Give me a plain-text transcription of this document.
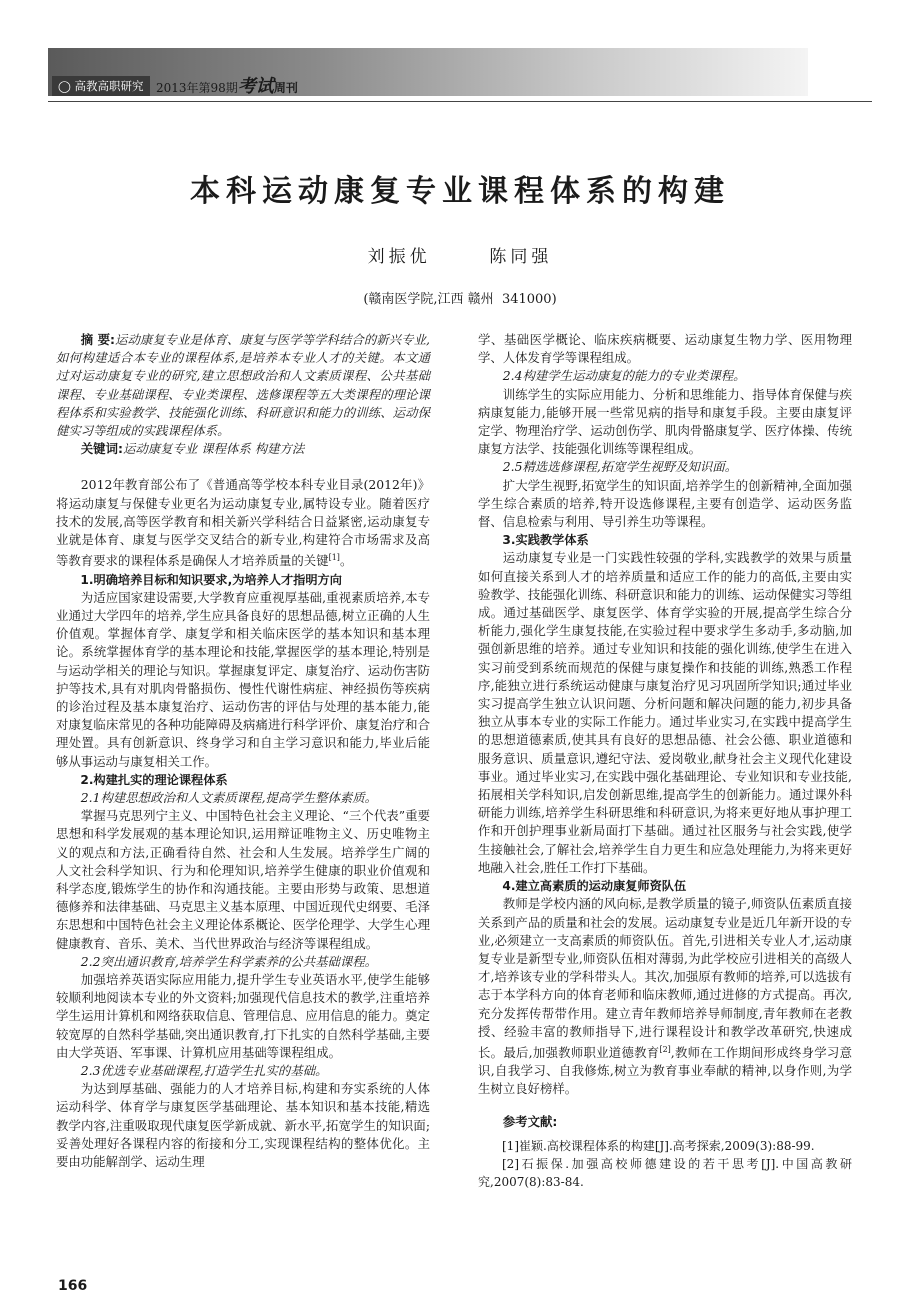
◯ 高教高职研究	2013年第98期考试周刊
本科运动康复专业课程体系的构建
刘振优  陈同强
(赣南医学院,江西 赣州  341000)

摘 要:运动康复专业是体育、康复与医学等学科结合的新兴专业,如何构建适合本专业的课程体系,是培养本专业人才的关键。本文通过对运动康复专业的研究,建立思想政治和人文素质课程、公共基础课程、专业基础课程、专业类课程、选修课程等五大类课程的理论课程体系和实验教学、技能强化训练、科研意识和能力的训练、运动保健实习等组成的实践课程体系。

关键词:运动康复专业 课程体系 构建方法

2012年教育部公布了《普通高等学校本科专业目录(2012年)》将运动康复与保健专业更名为运动康复专业,属特设专业。随着医疗技术的发展,高等医学教育和相关新兴学科结合日益紧密,运动康复专业就是体育、康复与医学交叉结合的新专业,构建符合市场需求及高等教育要求的课程体系是确保人才培养质量的关键[1]。

1.明确培养目标和知识要求,为培养人才指明方向

为适应国家建设需要,大学教育应重视厚基础,重视素质培养,本专业通过大学四年的培养,学生应具备良好的思想品德,树立正确的人生价值观。掌握体育学、康复学和相关临床医学的基本知识和基本理论。系统掌握体育学的基本理论和技能,掌握医学的基本理论,特别是与运动学相关的理论与知识。掌握康复评定、康复治疗、运动伤害防护等技术,具有对肌肉骨骼损伤、慢性代谢性病症、神经损伤等疾病的诊治过程及基本康复治疗、运动伤害的评估与处理的基本能力,能对康复临床常见的各种功能障碍及病痛进行科学评价、康复治疗和合理处置。具有创新意识、终身学习和自主学习意识和能力,毕业后能够从事运动与康复相关工作。

2.构建扎实的理论课程体系

2.1构建思想政治和人文素质课程,提高学生整体素质。

掌握马克思列宁主义、中国特色社会主义理论、“三个代表”重要思想和科学发展观的基本理论知识,运用辩证唯物主义、历史唯物主义的观点和方法,正确看待自然、社会和人生发展。培养学生广阔的人文社会科学知识、行为和伦理知识,培养学生健康的职业价值观和科学态度,锻炼学生的协作和沟通技能。主要由形势与政策、思想道德修养和法律基础、马克思主义基本原理、中国近现代史纲要、毛泽东思想和中国特色社会主义理论体系概论、医学伦理学、大学生心理健康教育、音乐、美术、当代世界政治与经济等课程组成。

2.2突出通识教育,培养学生科学素养的公共基础课程。

加强培养英语实际应用能力,提升学生专业英语水平,使学生能够较顺利地阅读本专业的外文资料;加强现代信息技术的教学,注重培养学生运用计算机和网络获取信息、管理信息、应用信息的能力。奠定较宽厚的自然科学基础,突出通识教育,打下扎实的自然科学基础,主要由大学英语、军事课、计算机应用基础等课程组成。

2.3优选专业基础课程,打造学生扎实的基础。

为达到厚基础、强能力的人才培养目标,构建和夯实系统的人体运动科学、体育学与康复医学基础理论、基本知识和基本技能,精选教学内容,注重吸取现代康复医学新成就、新水平,拓宽学生的知识面;妥善处理好各课程内容的衔接和分工,实现课程结构的整体优化。主要由功能解剖学、运动生理

学、基础医学概论、临床疾病概要、运动康复生物力学、医用物理学、人体发育学等课程组成。

2.4构建学生运动康复的能力的专业类课程。

训练学生的实际应用能力、分析和思维能力、指导体育保健与疾病康复能力,能够开展一些常见病的指导和康复手段。主要由康复评定学、物理治疗学、运动创伤学、肌肉骨骼康复学、医疗体操、传统康复方法学、技能强化训练等课程组成。

2.5精选选修课程,拓宽学生视野及知识面。

扩大学生视野,拓宽学生的知识面,培养学生的创新精神,全面加强学生综合素质的培养,特开设选修课程,主要有创造学、运动医务监督、信息检索与利用、导引养生功等课程。

3.实践教学体系

运动康复专业是一门实践性较强的学科,实践教学的效果与质量如何直接关系到人才的培养质量和适应工作的能力的高低,主要由实验教学、技能强化训练、科研意识和能力的训练、运动保健实习等组成。通过基础医学、康复医学、体育学实验的开展,提高学生综合分析能力,强化学生康复技能,在实验过程中要求学生多动手,多动脑,加强创新思维的培养。通过专业知识和技能的强化训练,使学生在进入实习前受到系统而规范的保健与康复操作和技能的训练,熟悉工作程序,能独立进行系统运动健康与康复治疗见习巩固所学知识;通过毕业实习提高学生独立认识问题、分析问题和解决问题的能力,初步具备独立从事本专业的实际工作能力。通过毕业实习,在实践中提高学生的思想道德素质,使其具有良好的思想品德、社会公德、职业道德和服务意识、质量意识,遵纪守法、爱岗敬业,献身社会主义现代化建设事业。通过毕业实习,在实践中强化基础理论、专业知识和专业技能,拓展相关学科知识,启发创新思维,提高学生的创新能力。通过课外科研能力训练,培养学生科研思维和科研意识,为将来更好地从事护理工作和开创护理事业新局面打下基础。通过社区服务与社会实践,使学生接触社会,了解社会,培养学生自力更生和应急处理能力,为将来更好地融入社会,胜任工作打下基础。

4.建立高素质的运动康复师资队伍

教师是学校内涵的风向标,是教学质量的镜子,师资队伍素质直接关系到产品的质量和社会的发展。运动康复专业是近几年新开设的专业,必须建立一支高素质的师资队伍。首先,引进相关专业人才,运动康复专业是新型专业,师资队伍相对薄弱,为此学校应引进相关的高级人才,培养该专业的学科带头人。其次,加强原有教师的培养,可以选拔有志于本学科方向的体育老师和临床教师,通过进修的方式提高。再次,充分发挥传帮带作用。建立青年教师培养导师制度,青年教师在老教授、经验丰富的教师指导下,进行课程设计和教学改革研究,快速成长。最后,加强教师职业道德教育[2],教师在工作期间形成终身学习意识,自我学习、自我修炼,树立为教育事业奉献的精神,以身作则,为学生树立良好榜样。

参考文献:

[1]崔颖.高校课程体系的构建[J].高考探索,2009(3):88-99.

[2]石振保.加强高校师德建设的若干思考[J].中国高教研究,2007(8):83-84.

166
